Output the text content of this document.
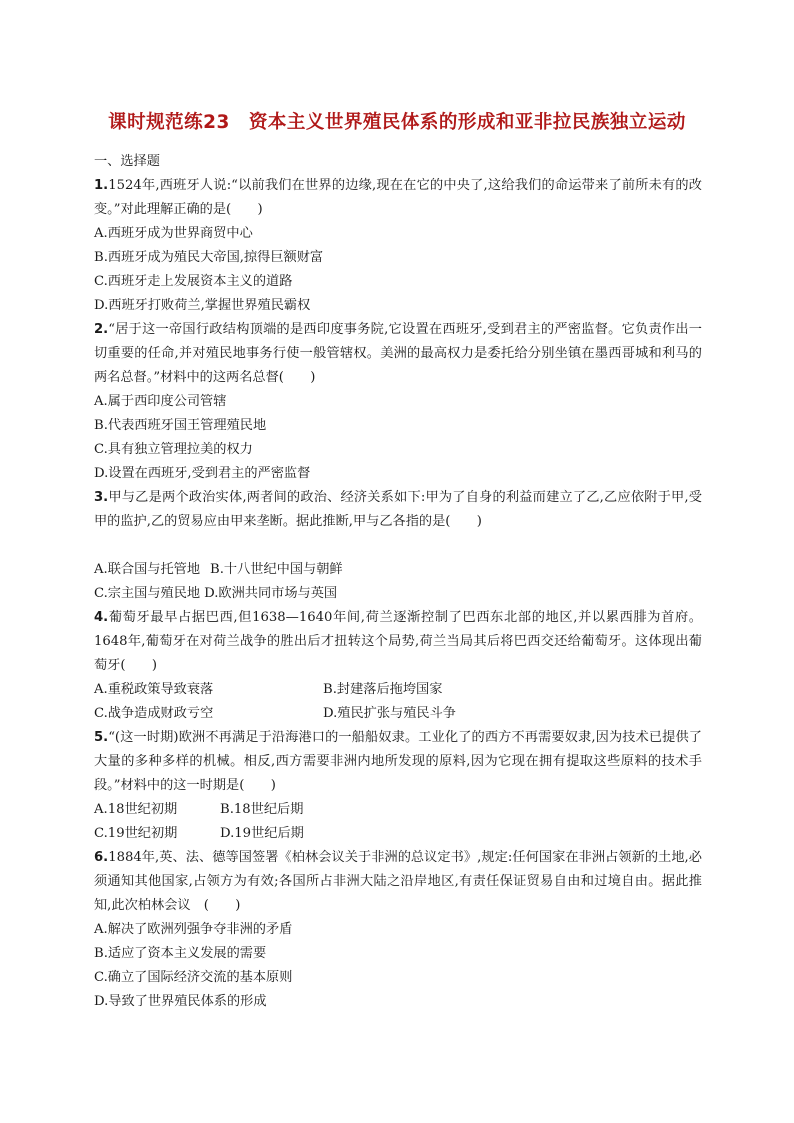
课时规范练23　资本主义世界殖民体系的形成和亚非拉民族独立运动
一、选择题
1.1524年,西班牙人说:“以前我们在世界的边缘,现在在它的中央了,这给我们的命运带来了前所未有的改变。”对此理解正确的是(　　)
A.西班牙成为世界商贸中心
B.西班牙成为殖民大帝国,掠得巨额财富
C.西班牙走上发展资本主义的道路
D.西班牙打败荷兰,掌握世界殖民霸权
2.“居于这一帝国行政结构顶端的是西印度事务院,它设置在西班牙,受到君主的严密监督。它负责作出一切重要的任命,并对殖民地事务行使一般管辖权。美洲的最高权力是委托给分别坐镇在墨西哥城和利马的两名总督。”材料中的这两名总督(　　)
A.属于西印度公司管辖
B.代表西班牙国王管理殖民地
C.具有独立管理拉美的权力
D.设置在西班牙,受到君主的严密监督
3.甲与乙是两个政治实体,两者间的政治、经济关系如下:甲为了自身的利益而建立了乙,乙应依附于甲,受甲的监护,乙的贸易应由甲来垄断。据此推断,甲与乙各指的是(　　)
A.联合国与托管地 B.十八世纪中国与朝鲜
C.宗主国与殖民地 D.欧洲共同市场与英国
4.葡萄牙最早占据巴西,但1638—1640年间,荷兰逐渐控制了巴西东北部的地区,并以累西腓为首府。1648年,葡萄牙在对荷兰战争的胜出后才扭转这个局势,荷兰当局其后将巴西交还给葡萄牙。这体现出葡萄牙(　　)
A.重税政策导致衰落	B.封建落后拖垮国家
C.战争造成财政亏空	D.殖民扩张与殖民斗争
5.“(这一时期)欧洲不再满足于沿海港口的一船船奴隶。工业化了的西方不再需要奴隶,因为技术已提供了大量的多种多样的机械。相反,西方需要非洲内地所发现的原料,因为它现在拥有提取这些原料的技术手段。”材料中的这一时期是(　　)
A.18世纪初期	B.18世纪后期
C.19世纪初期	D.19世纪后期
6.1884年,英、法、德等国签署《柏林会议关于非洲的总议定书》,规定:任何国家在非洲占领新的土地,必须通知其他国家,占领方为有效;各国所占非洲大陆之沿岸地区,有责任保证贸易自由和过境自由。据此推知,此次柏林会议　(　　)
A.解决了欧洲列强争夺非洲的矛盾
B.适应了资本主义发展的需要
C.确立了国际经济交流的基本原则
D.导致了世界殖民体系的形成
